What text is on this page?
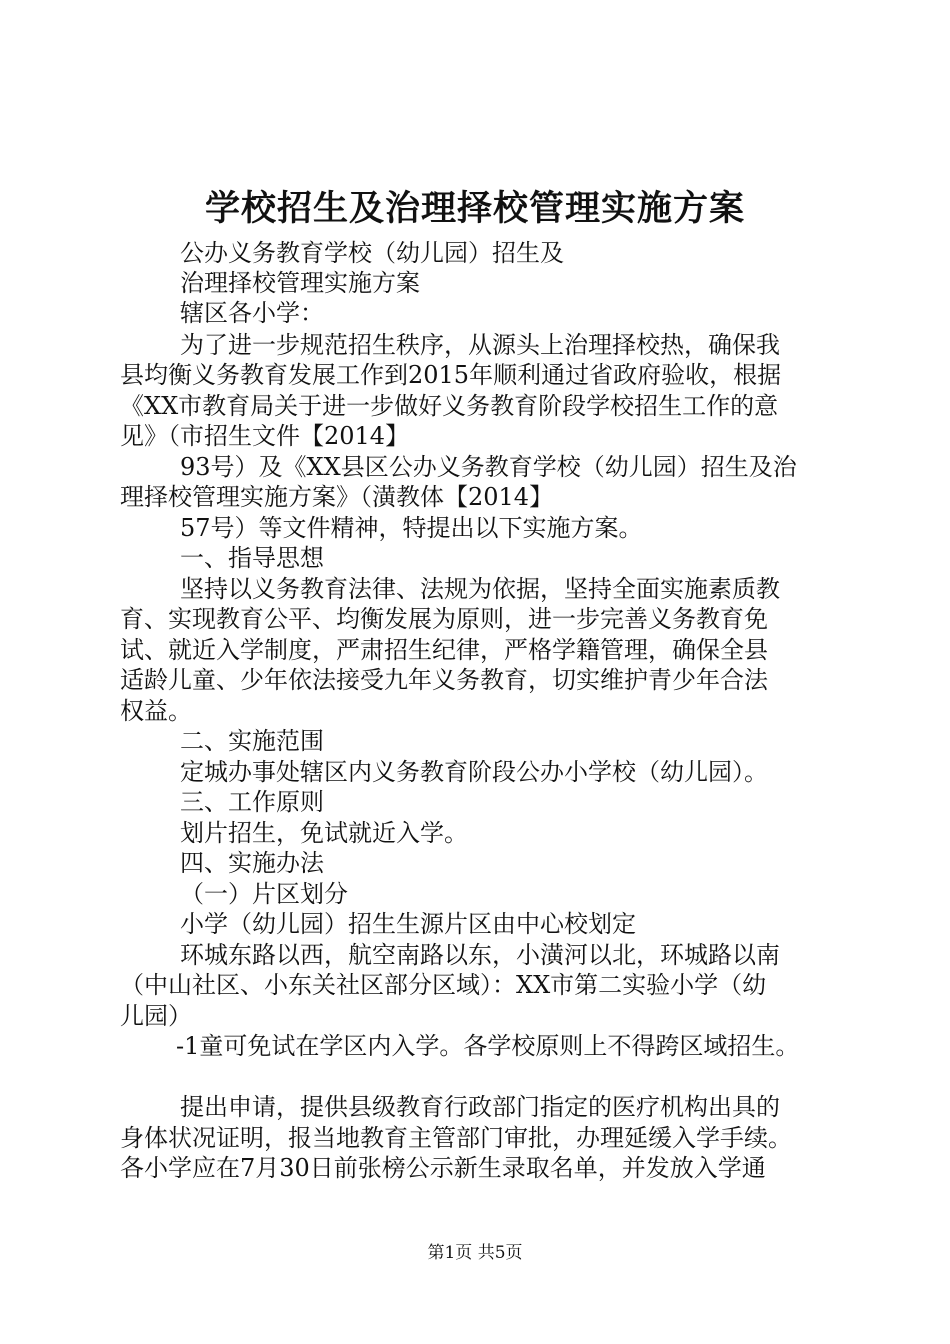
学校招生及治理择校管理实施方案

公办义务教育学校（幼儿园）招生及

治理择校管理实施方案

辖区各小学：

为了进一步规范招生秩序，从源头上治理择校热，确保我

县均衡义务教育发展工作到2015年顺利通过省政府验收，根据

《XX市教育局关于进一步做好义务教育阶段学校招生工作的意

见》（市招生文件【2014】

93号）及《XX县区公办义务教育学校（幼儿园）招生及治

理择校管理实施方案》（潢教体【2014】

57号）等文件精神，特提出以下实施方案。

一、指导思想

坚持以义务教育法律、法规为依据，坚持全面实施素质教

育、实现教育公平、均衡发展为原则，进一步完善义务教育免

试、就近入学制度，严肃招生纪律，严格学籍管理，确保全县

适龄儿童、少年依法接受九年义务教育，切实维护青少年合法

权益。

二、实施范围

定城办事处辖区内义务教育阶段公办小学校（幼儿园）。

三、工作原则

划片招生，免试就近入学。

四、实施办法

（一）片区划分

小学（幼儿园）招生生源片区由中心校划定

环城东路以西，航空南路以东，小潢河以北，环城路以南

（中山社区、小东关社区部分区域）：XX市第二实验小学（幼

儿园）

-1童可免试在学区内入学。各学校原则上不得跨区域招生。

提出申请，提供县级教育行政部门指定的医疗机构出具的

身体状况证明，报当地教育主管部门审批，办理延缓入学手续。

各小学应在7月30日前张榜公示新生录取名单，并发放入学通

第1页 共5页
